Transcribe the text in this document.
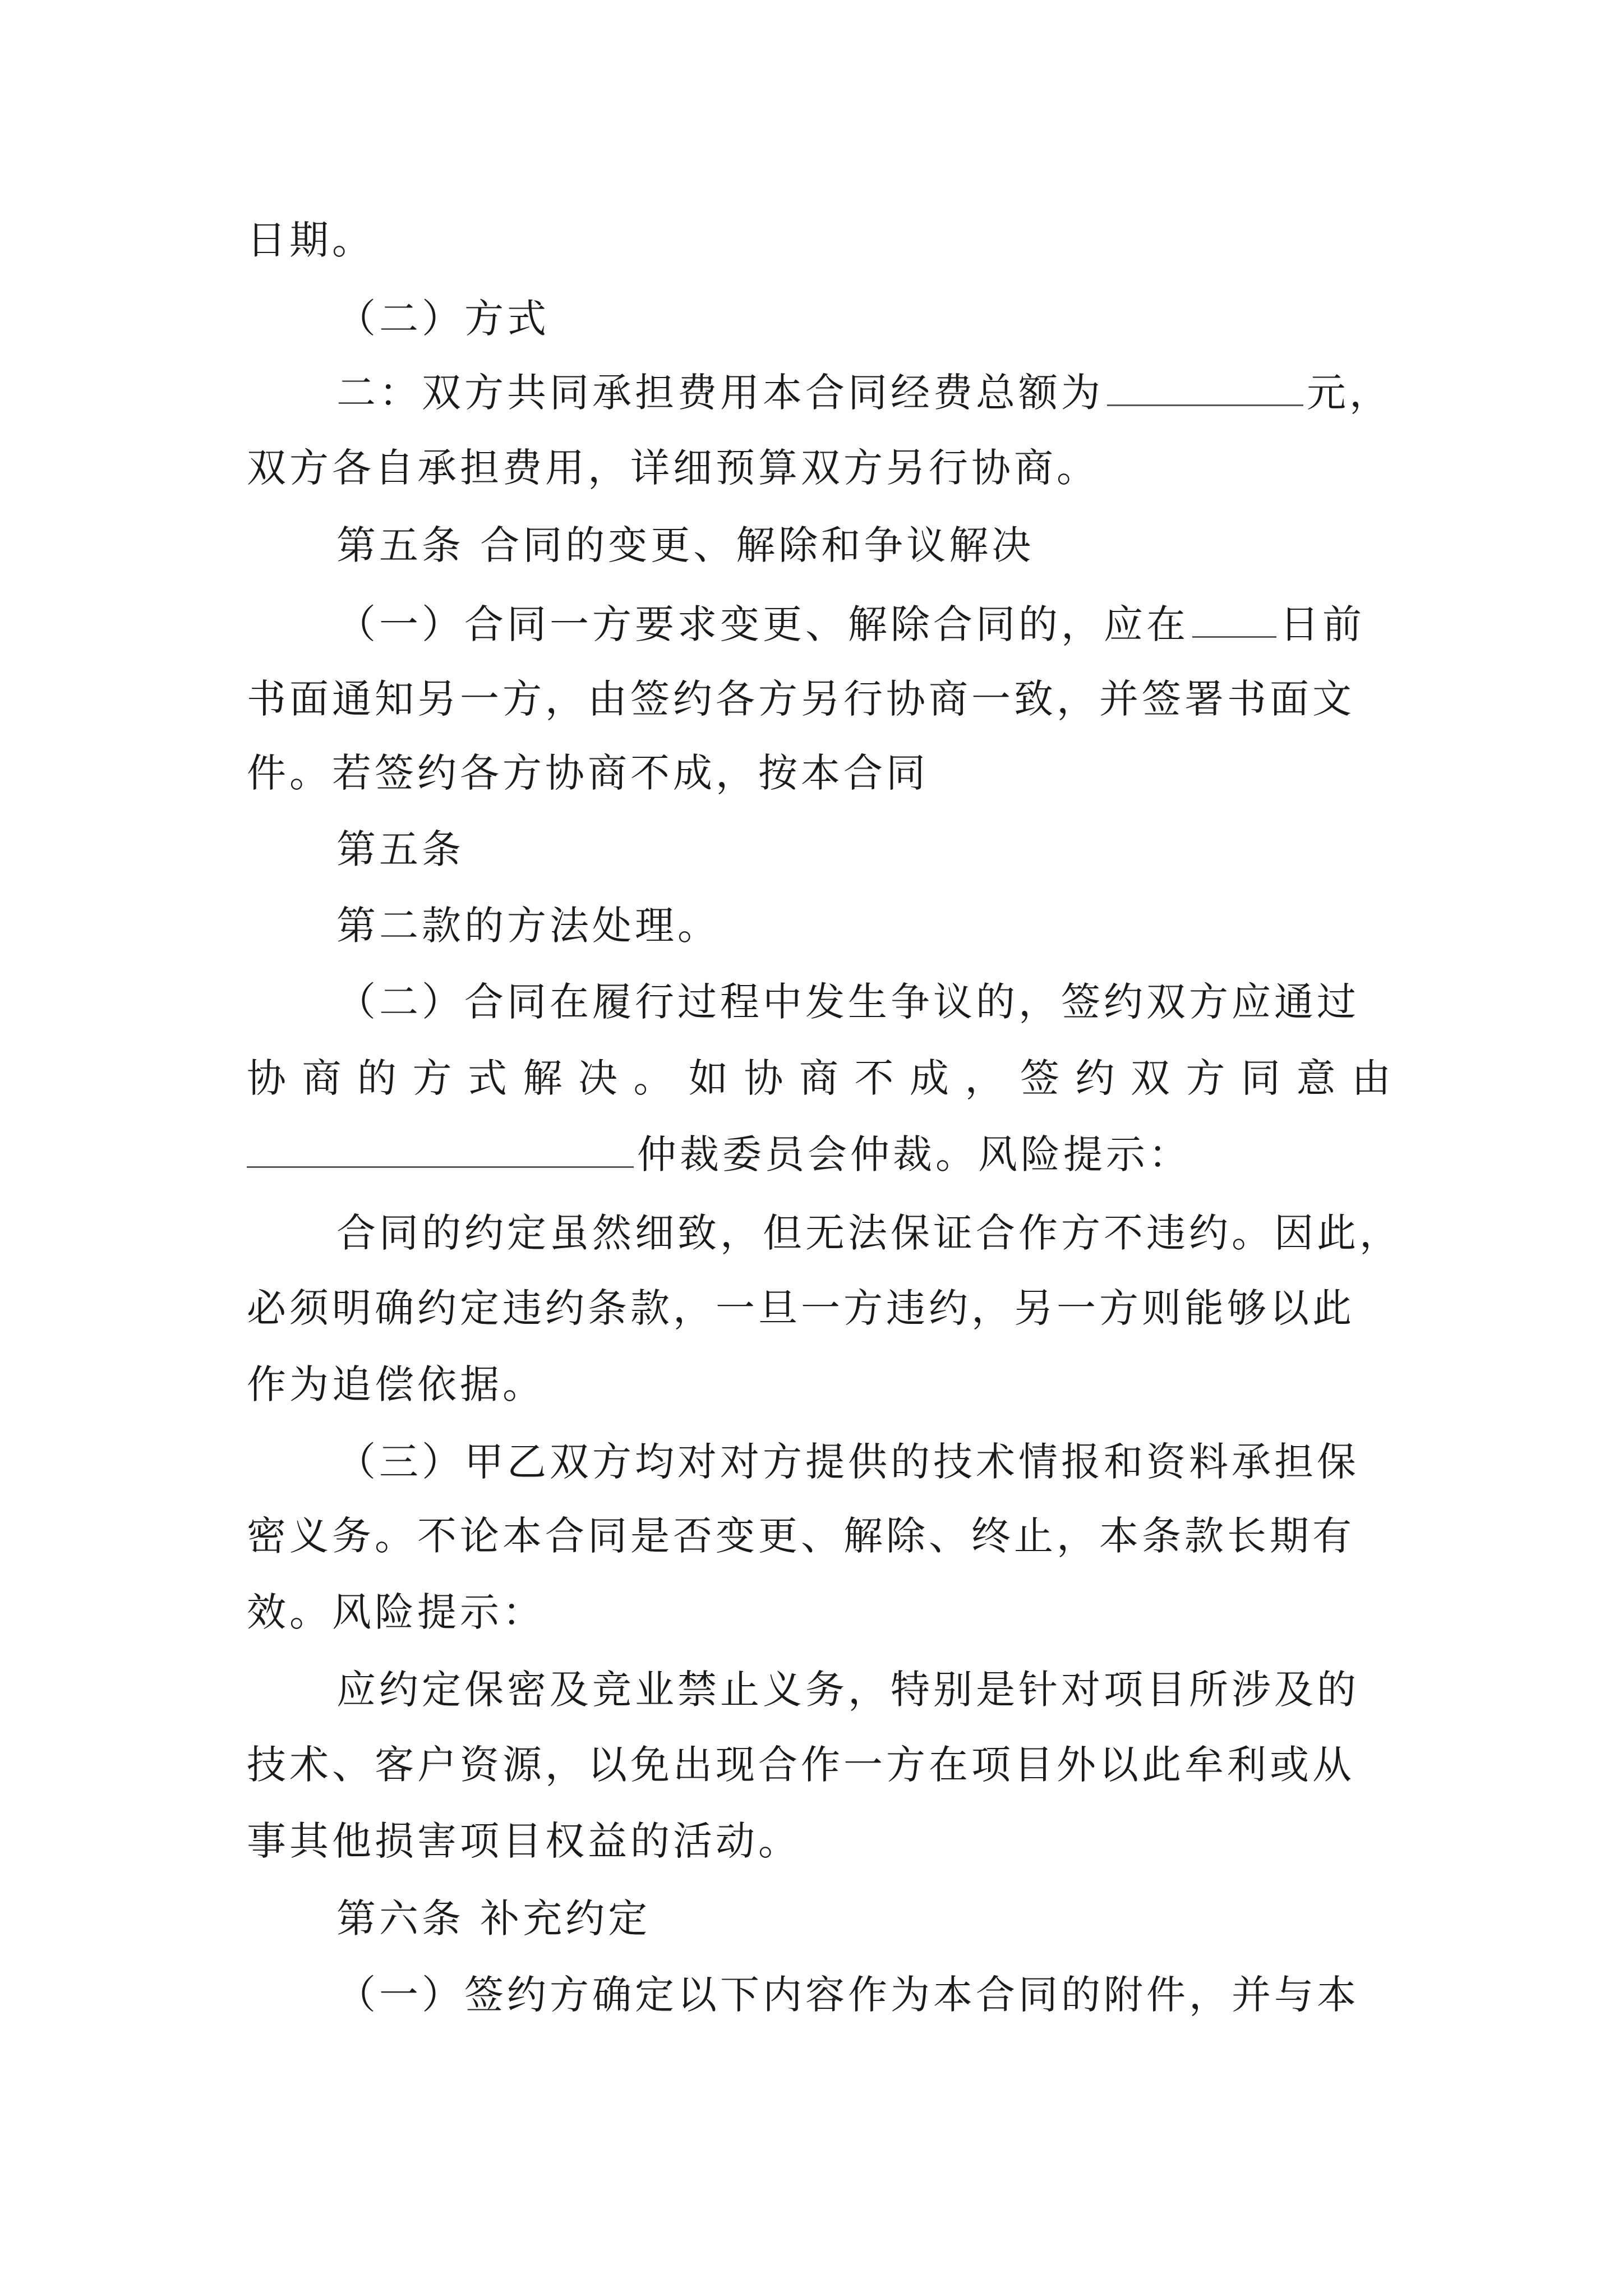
日期。
（二）方式
二：双方共同承担费用本合同经费总额为	元，
双方各自承担费用，详细预算双方另行协商。
第五条 合同的变更、解除和争议解决
（一）合同一方要求变更、解除合同的，应在 日前
书面通知另一方，由签约各方另行协商一致，并签署书面文
件。若签约各方协商不成，按本合同
第五条
第二款的方法处理。
（二）合同在履行过程中发生争议的，签约双方应通过
协 商 的 方 式 解 决 。 如 协 商 不 成 ， 签 约 双 方 同 意 由
仲裁委员会仲裁。风险提示：
合同的约定虽然细致，但无法保证合作方不违约。因此，
必须明确约定违约条款，一旦一方违约，另一方则能够以此
作为追偿依据。
（三）甲乙双方均对对方提供的技术情报和资料承担保
密义务。不论本合同是否变更、解除、终止，本条款长期有
效。风险提示：
应约定保密及竞业禁止义务，特别是针对项目所涉及的
技术、客户资源，以免出现合作一方在项目外以此牟利或从
事其他损害项目权益的活动。
第六条 补充约定
（一）签约方确定以下内容作为本合同的附件，并与本
